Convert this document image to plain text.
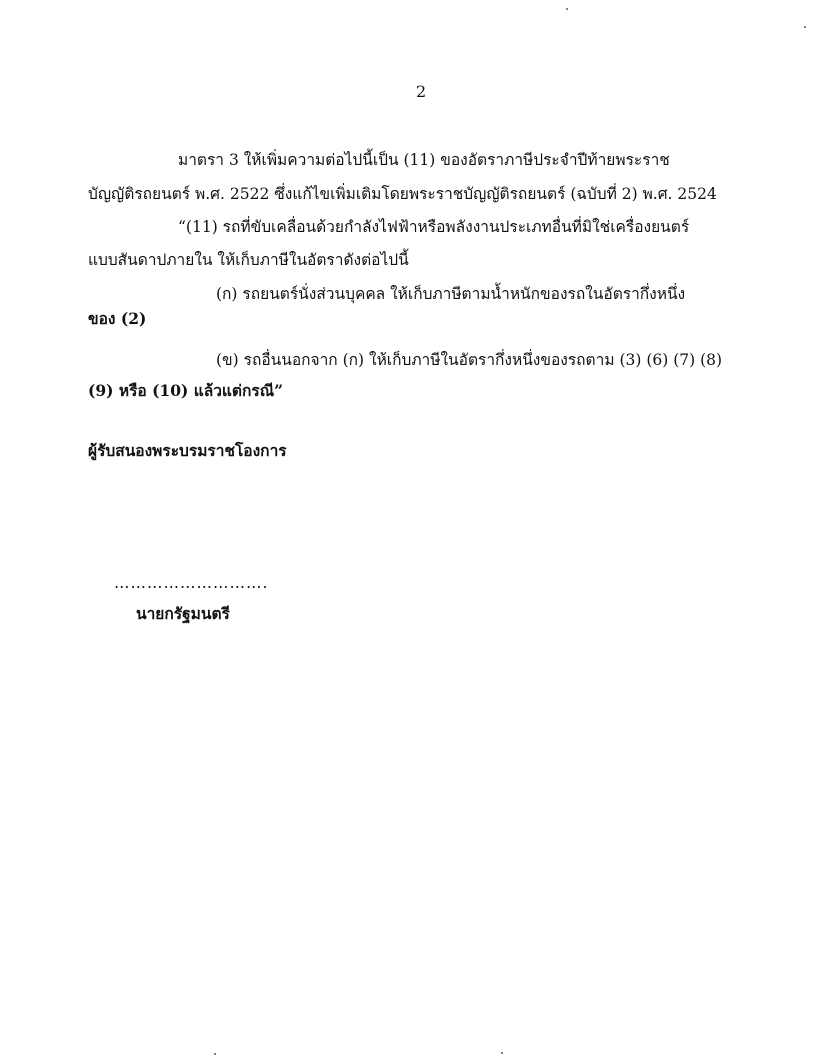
2
มาตรา 3 ให้เพิ่มความต่อไปนี้เป็น (11) ของอัตราภาษีประจำปีท้ายพระราช
บัญญัติรถยนตร์ พ.ศ. 2522 ซึ่งแก้ไขเพิ่มเติมโดยพระราชบัญญัติรถยนตร์ (ฉบับที่ 2) พ.ศ. 2524
“(11) รถที่ขับเคลื่อนด้วยกำลังไฟฟ้าหรือพลังงานประเภทอื่นที่มิใช่เครื่องยนตร์
แบบสันดาปภายใน ให้เก็บภาษีในอัตราดังต่อไปนี้
(ก) รถยนตร์นั่งส่วนบุคคล ให้เก็บภาษีตามน้ำหนักของรถในอัตรากึ่งหนึ่ง
ของ (2)
(ข) รถอื่นนอกจาก (ก) ให้เก็บภาษีในอัตรากึ่งหนึ่งของรถตาม (3) (6) (7) (8)
(9) หรือ (10) แล้วแต่กรณี”
ผู้รับสนองพระบรมราชโองการ
……………………….
นายกรัฐมนตรี
